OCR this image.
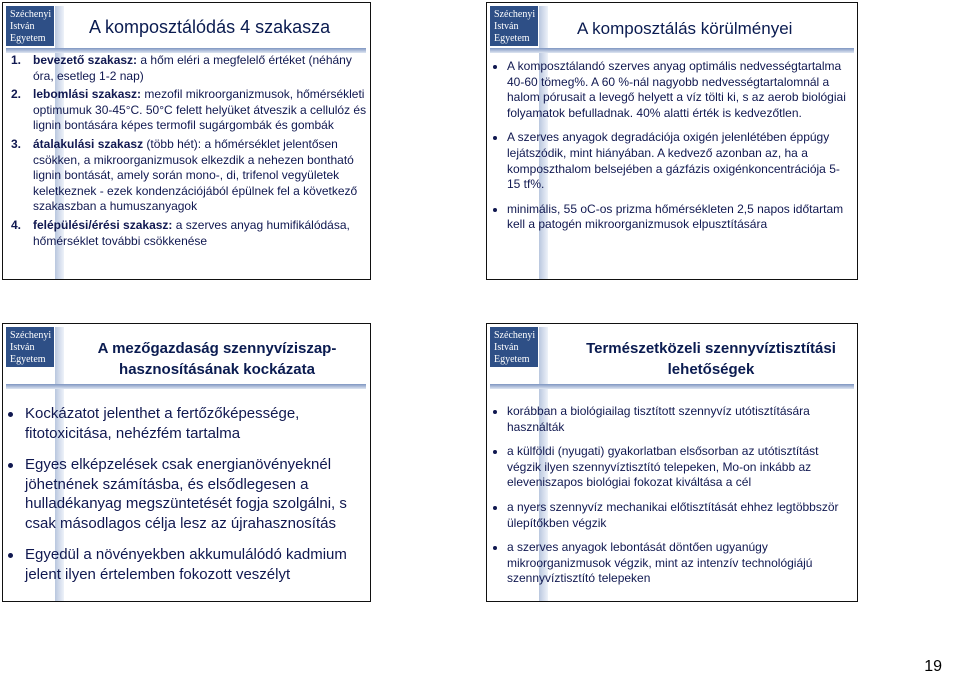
Széchenyi
István
Egyetem
A komposztálódás 4 szakasza
1. bevezető szakasz: a hőm eléri a megfelelő értéket (néhány óra, esetleg 1-2 nap)
2. lebomlási szakasz: mezofil mikroorganizmusok, hőmérsékleti optimumuk 30-45°C. 50°C felett helyüket átveszik a cellulóz és lignin bontására képes termofil sugárgombák és gombák
3. átalakulási szakasz (több hét): a hőmérséklet jelentősen csökken, a mikroorganizmusok elkezdik a nehezen bontható lignin bontását, amely során mono-, di, trifenol vegyületek keletkeznek - ezek kondenzációjából épülnek fel a következő szakaszban a humuszanyagok
4. felépülési/érési szakasz: a szerves anyag humifikálódása, hőmérséklet további csökkenése
Széchenyi
István
Egyetem
A komposztálás körülményei
A komposztálandó szerves anyag optimális nedvességtartalma 40-60 tömeg%. A 60 %-nál nagyobb nedvességtartalomnál a halom pórusait a levegő helyett a víz tölti ki, s az aerob biológiai folyamatok befulladnak. 40% alatti érték is kedvezőtlen.
A szerves anyagok degradációja oxigén jelenlétében éppúgy lejátszódik, mint hiányában. A kedvező azonban az, ha a komposzthalom belsejében a gázfázis oxigénkoncentrációja 5-15 tf%.
minimális, 55 oC-os prizma hőmérsékleten 2,5 napos időtartam kell a patogén mikroorganizmusok elpusztítására
Széchenyi
István
Egyetem
A mezőgazdaság szennyvíziszap-
hasznosításának kockázata
Kockázatot jelenthet a fertőzőképessége, fitotoxicitása, nehézfém tartalma
Egyes elképzelések csak energianövényeknél jöhetnének számításba, és elsődlegesen a hulladékanyag megszüntetését fogja szolgálni, s csak másodlagos célja lesz az újrahasznosítás
Egyedül a növényekben akkumulálódó kadmium jelent ilyen értelemben fokozott veszélyt
Széchenyi
István
Egyetem
Természetközeli szennyvíztisztítási
lehetőségek
korábban a biológiailag tisztított szennyvíz utótisztítására használták
a külföldi (nyugati) gyakorlatban elsősorban az utótisztítást végzik ilyen szennyvíztisztító telepeken, Mo-on inkább az eleveniszapos biológiai fokozat kiváltása a cél
a nyers szennyvíz mechanikai előtisztítását ehhez legtöbbször ülepítőkben végzik
a szerves anyagok lebontását döntően ugyanúgy mikroorganizmusok végzik, mint az intenzív technológiájú szennyvíztisztító telepeken
19
